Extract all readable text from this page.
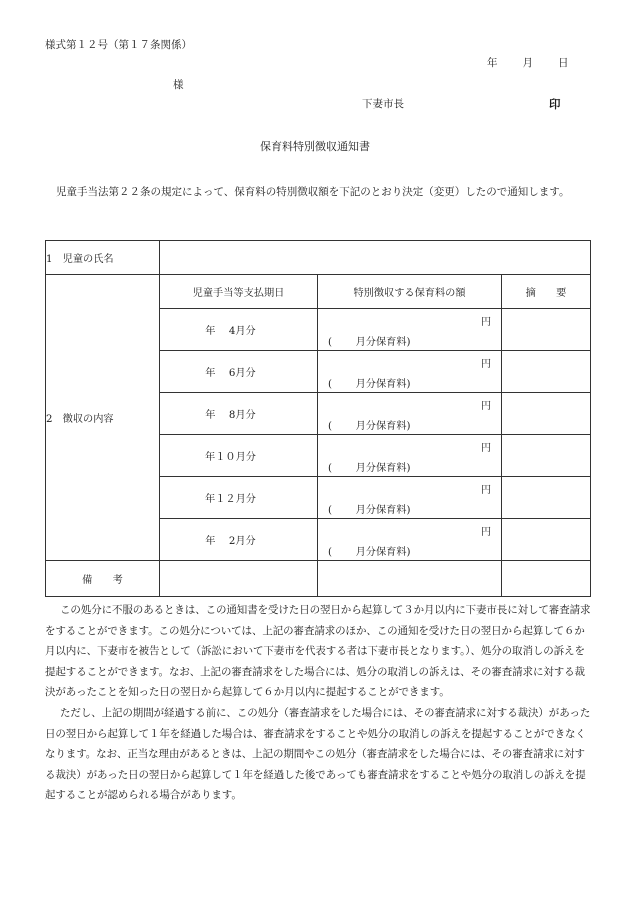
様式第１２号（第１７条関係）
年 月 日
様
下妻市長	印
保育料特別徴収通知書

児童手当法第２２条の規定によって、保育料の特別徴収額を下記のとおり決定（変更）したので通知します。

1　児童の氏名			
2　徴収の内容	児童手当等支払期日	特別徴収する保育料の額	摘　　要
	年　 4月分	円
(　　 月分保育料)	

	年　 6月分	円
(　　 月分保育料)	

	年　 8月分	円
(　　 月分保育料)	

	年１０月分	円
(　　 月分保育料)	

	年１２月分	円
(　　 月分保育料)	

	年　 2月分	円
(　　 月分保育料)	

備　　考			

この処分に不服のあるときは、この通知書を受けた日の翌日から起算して３か月以内に下妻市長に対して審査請求をすることができます。この処分については、上記の審査請求のほか、この通知を受けた日の翌日から起算して６か月以内に、下妻市を被告として（訴訟において下妻市を代表する者は下妻市長となります。）、処分の取消しの訴えを提起することができます。なお、上記の審査請求をした場合には、処分の取消しの訴えは、その審査請求に対する裁決があったことを知った日の翌日から起算して６か月以内に提起することができます。

ただし、上記の期間が経過する前に、この処分（審査請求をした場合には、その審査請求に対する裁決）があった日の翌日から起算して１年を経過した場合は、審査請求をすることや処分の取消しの訴えを提起することができなくなります。なお、正当な理由があるときは、上記の期間やこの処分（審査請求をした場合には、その審査請求に対する裁決）があった日の翌日から起算して１年を経過した後であっても審査請求をすることや処分の取消しの訴えを提起することが認められる場合があります。
